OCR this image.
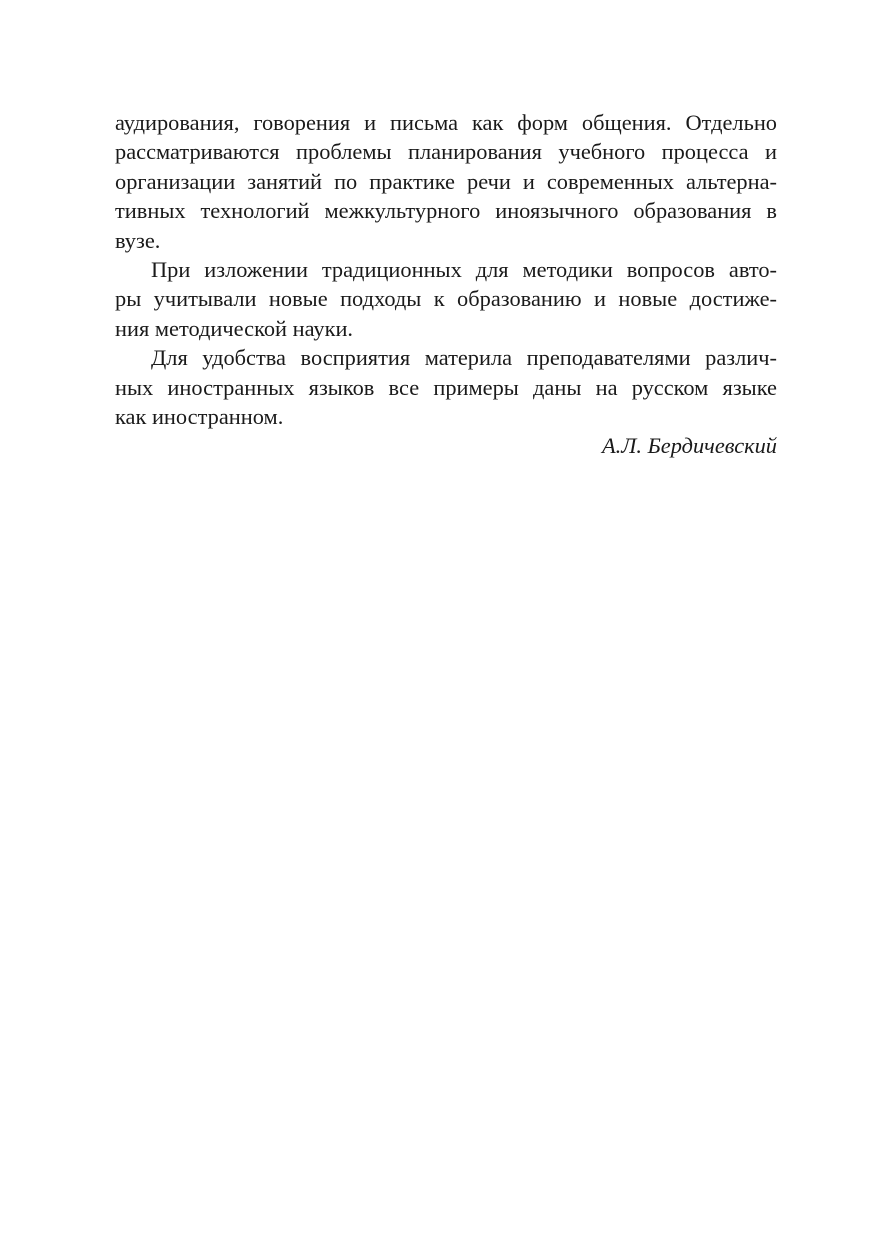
аудирования, говорения и письма как форм общения. Отдельно
рассматриваются проблемы планирования учебного процесса и
организации занятий по практике речи и современных альтерна-
тивных технологий межкультурного иноязычного образования в
вузе.
При изложении традиционных для методики вопросов авто-
ры учитывали новые подходы к образованию и новые достиже-
ния методической науки.
Для удобства восприятия материла преподавателями различ-
ных иностранных языков все примеры даны на русском языке
как иностранном.
А.Л. Бердичевский
